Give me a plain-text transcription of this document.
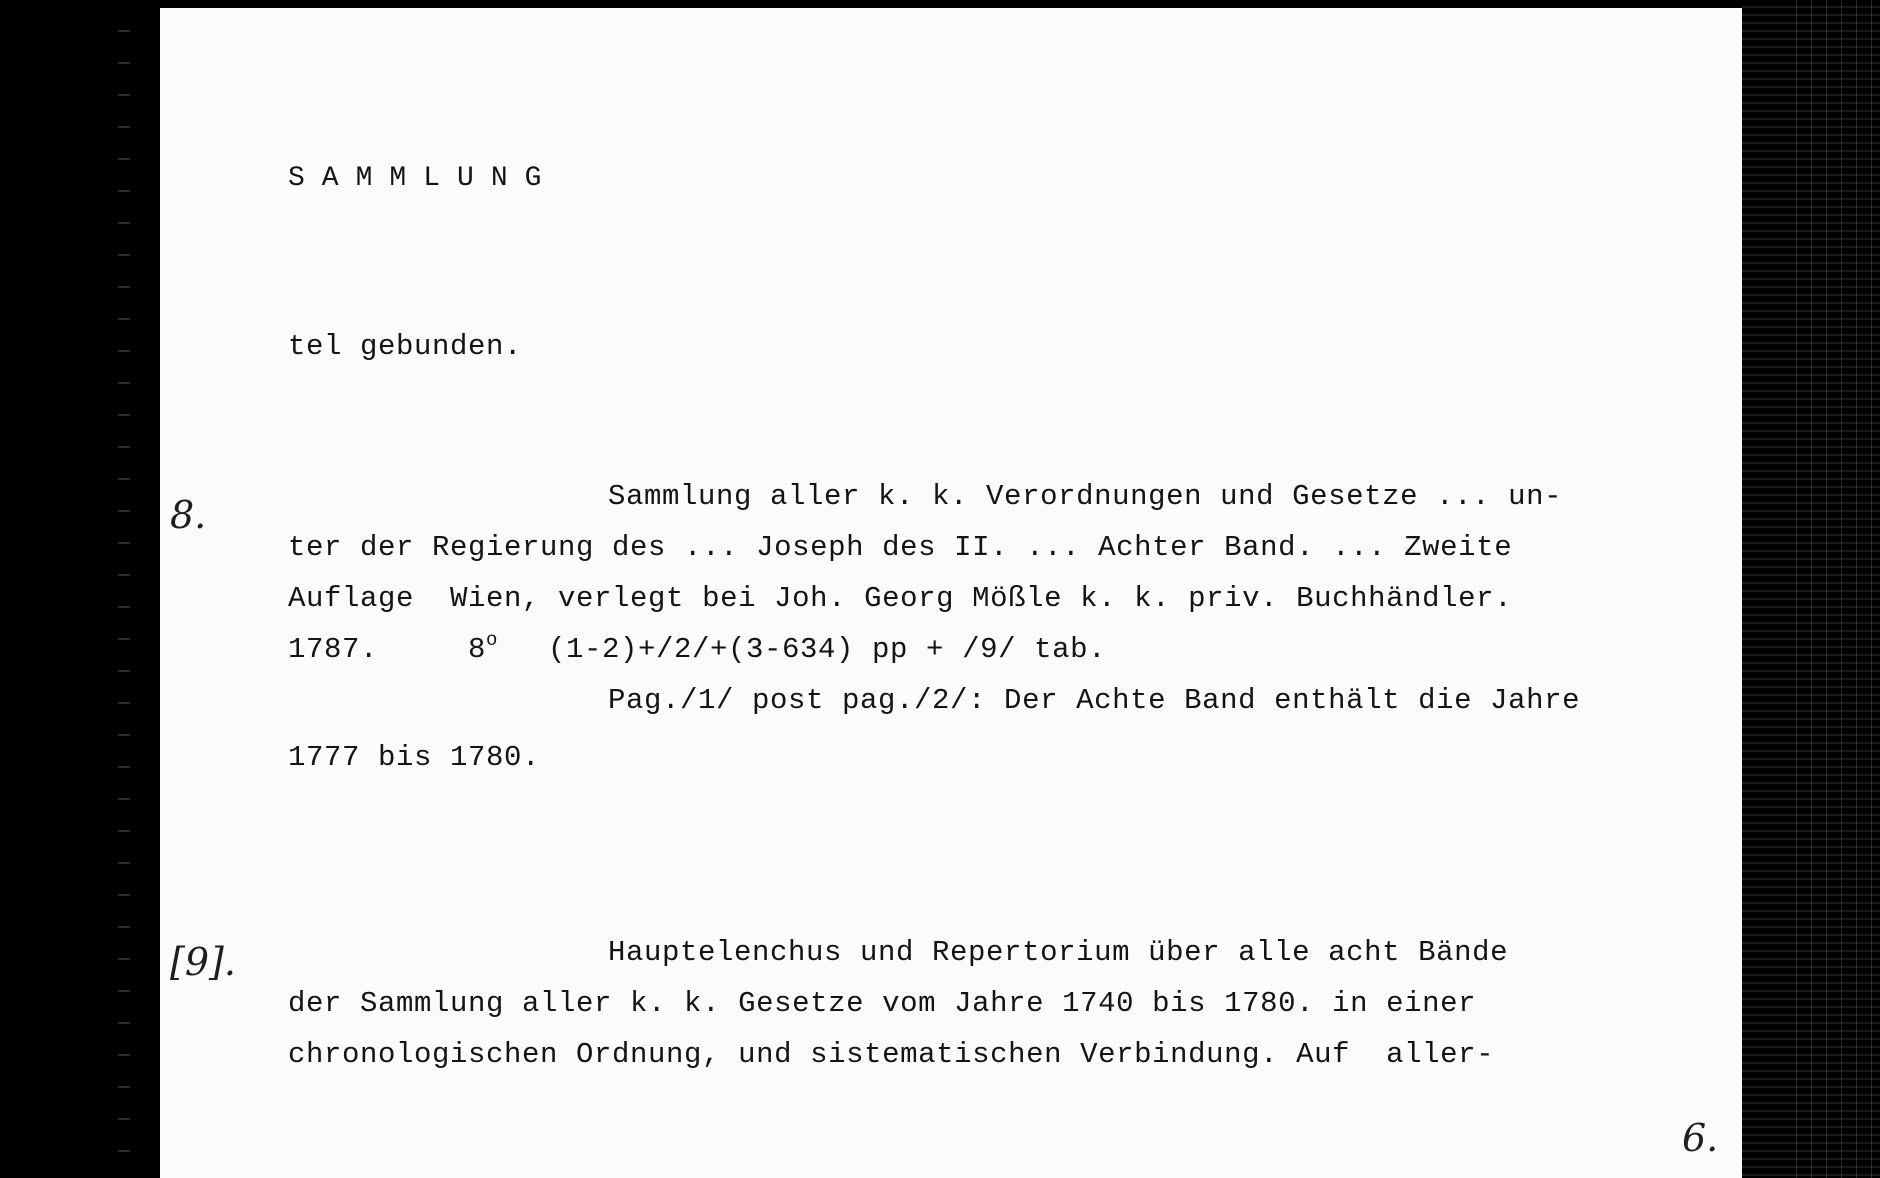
SAMMLUNG
tel gebunden.
8.	Sammlung aller k. k. Verordnungen und Gesetze ... un-
ter der Regierung des ... Joseph des II. ... Achter Band. ... Zweite
Auflage  Wien, verlegt bei Joh. Georg Mößle k. k. priv. Buchhändler.
1787.	8$^o$ (1-2)+/2/+(3-634) pp + /9/ tab.
Pag./1/ post pag./2/: Der Achte Band enthält die Jahre
1777 bis 1780.
[9].	Hauptelenchus und Repertorium über alle acht Bände
der Sammlung aller k. k. Gesetze vom Jahre 1740 bis 1780. in einer
chronologischen Ordnung, und sistematischen Verbindung. Auf  aller-
6.
